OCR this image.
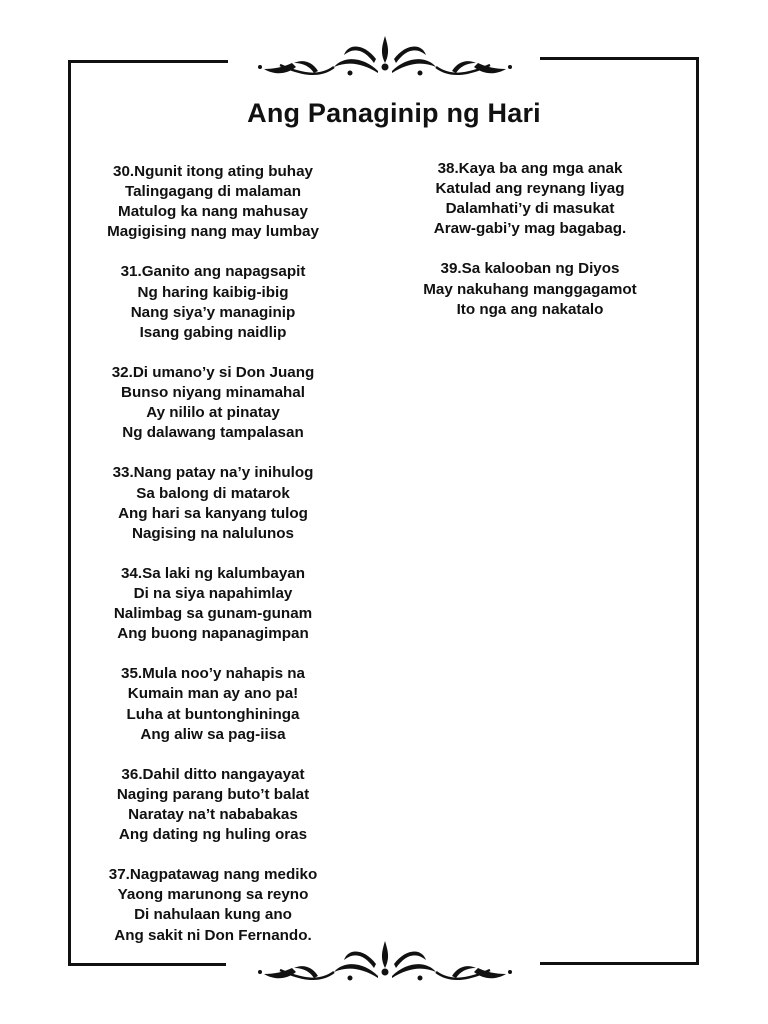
Ang Panaginip ng Hari
30.Ngunit itong ating buhay
Talingagang di malaman
Matulog ka nang mahusay
Magigising nang may lumbay
31.Ganito ang napagsapit
Ng haring kaibig-ibig
Nang siya’y managinip
Isang gabing naidlip
32.Di umano’y si Don Juang
Bunso niyang minamahal
Ay nililo at pinatay
Ng dalawang tampalasan
33.Nang patay na’y inihulog
Sa balong di matarok
Ang hari sa kanyang tulog
Nagising na nalulunos
34.Sa laki ng kalumbayan
Di na siya napahimlay
Nalimbag sa gunam-gunam
Ang buong napanagimpan
35.Mula noo’y nahapis na
Kumain man ay ano pa!
Luha at buntonghininga
Ang aliw sa pag-iisa
36.Dahil ditto nangayayat
Naging parang buto’t balat
Naratay na’t nababakas
Ang dating ng huling oras
37.Nagpatawag nang mediko
Yaong marunong sa reyno
Di nahulaan kung ano
Ang sakit ni Don Fernando.
38.Kaya ba ang mga anak
Katulad ang reynang liyag
Dalamhati’y di masukat
Araw-gabi’y mag bagabag.
39.Sa kalooban ng Diyos
May nakuhang manggagamot
Ito nga ang nakatalo
